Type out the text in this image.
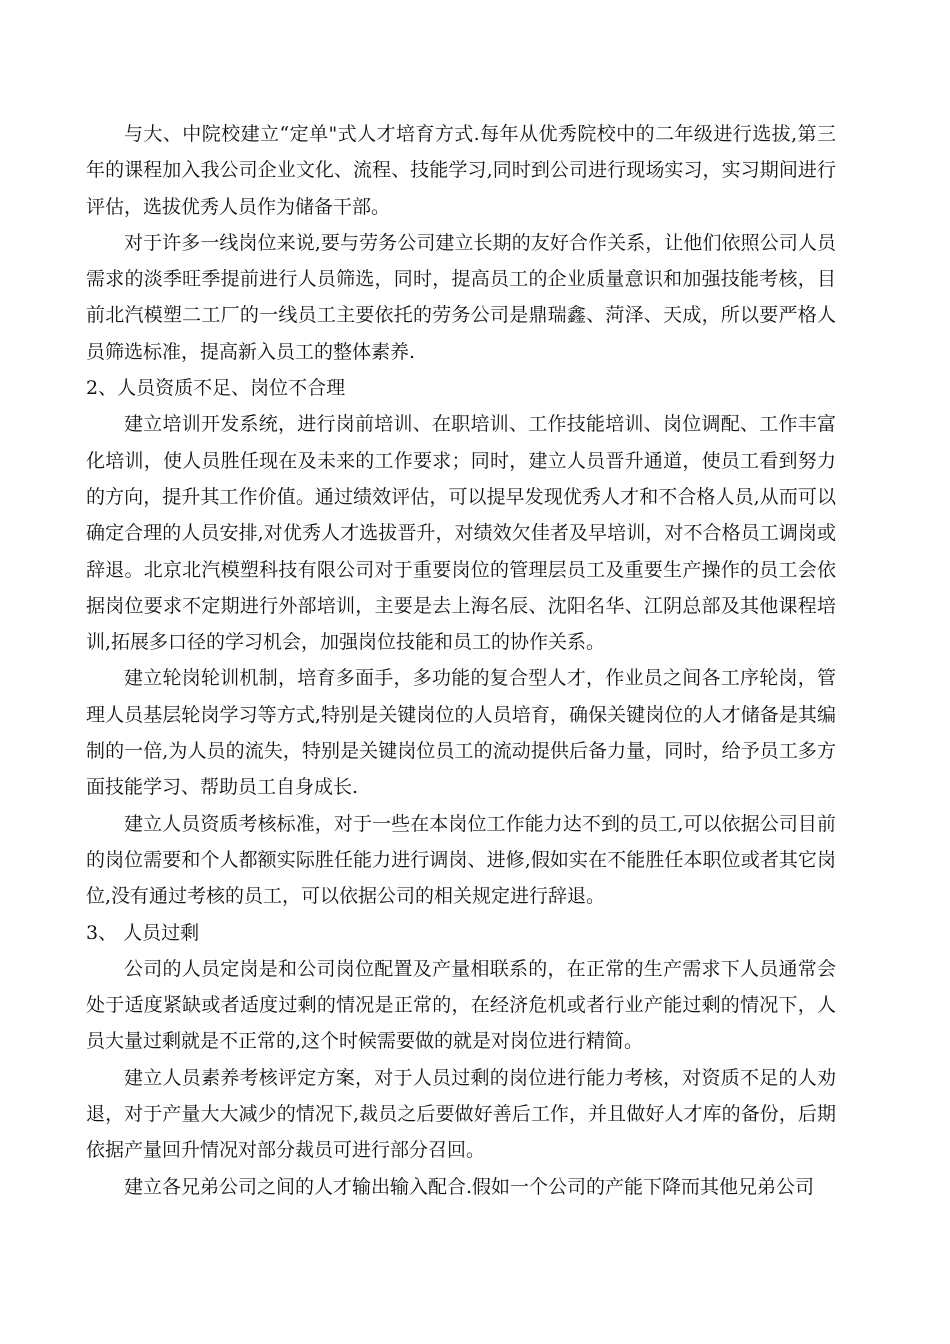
与大、中院校建立“定单"式人才培育方式.每年从优秀院校中的二年级进行选拔,第三年的课程加入我公司企业文化、流程、技能学习,同时到公司进行现场实习，实习期间进行评估，选拔优秀人员作为储备干部。

对于许多一线岗位来说,要与劳务公司建立长期的友好合作关系，让他们依照公司人员需求的淡季旺季提前进行人员筛选，同时，提高员工的企业质量意识和加强技能考核，目前北汽模塑二工厂的一线员工主要依托的劳务公司是鼎瑞鑫、菏泽、天成，所以要严格人员筛选标准，提高新入员工的整体素养.

2、人员资质不足、岗位不合理

建立培训开发系统，进行岗前培训、在职培训、工作技能培训、岗位调配、工作丰富化培训，使人员胜任现在及未来的工作要求；同时，建立人员晋升通道，使员工看到努力的方向，提升其工作价值。通过绩效评估，可以提早发现优秀人才和不合格人员,从而可以确定合理的人员安排,对优秀人才选拔晋升，对绩效欠佳者及早培训，对不合格员工调岗或辞退。北京北汽模塑科技有限公司对于重要岗位的管理层员工及重要生产操作的员工会依据岗位要求不定期进行外部培训，主要是去上海名辰、沈阳名华、江阴总部及其他课程培训,拓展多口径的学习机会，加强岗位技能和员工的协作关系。

建立轮岗轮训机制，培育多面手，多功能的复合型人才，作业员之间各工序轮岗，管理人员基层轮岗学习等方式,特别是关键岗位的人员培育，确保关键岗位的人才储备是其编制的一倍,为人员的流失，特别是关键岗位员工的流动提供后备力量，同时，给予员工多方面技能学习、帮助员工自身成长.

建立人员资质考核标准，对于一些在本岗位工作能力达不到的员工,可以依据公司目前的岗位需要和个人都额实际胜任能力进行调岗、进修,假如实在不能胜任本职位或者其它岗位,没有通过考核的员工，可以依据公司的相关规定进行辞退。

3、 人员过剩

公司的人员定岗是和公司岗位配置及产量相联系的，在正常的生产需求下人员通常会处于适度紧缺或者适度过剩的情况是正常的，在经济危机或者行业产能过剩的情况下，人员大量过剩就是不正常的,这个时候需要做的就是对岗位进行精简。

建立人员素养考核评定方案，对于人员过剩的岗位进行能力考核，对资质不足的人劝退，对于产量大大减少的情况下,裁员之后要做好善后工作，并且做好人才库的备份，后期依据产量回升情况对部分裁员可进行部分召回。

建立各兄弟公司之间的人才输出输入配合.假如一个公司的产能下降而其他兄弟公司
